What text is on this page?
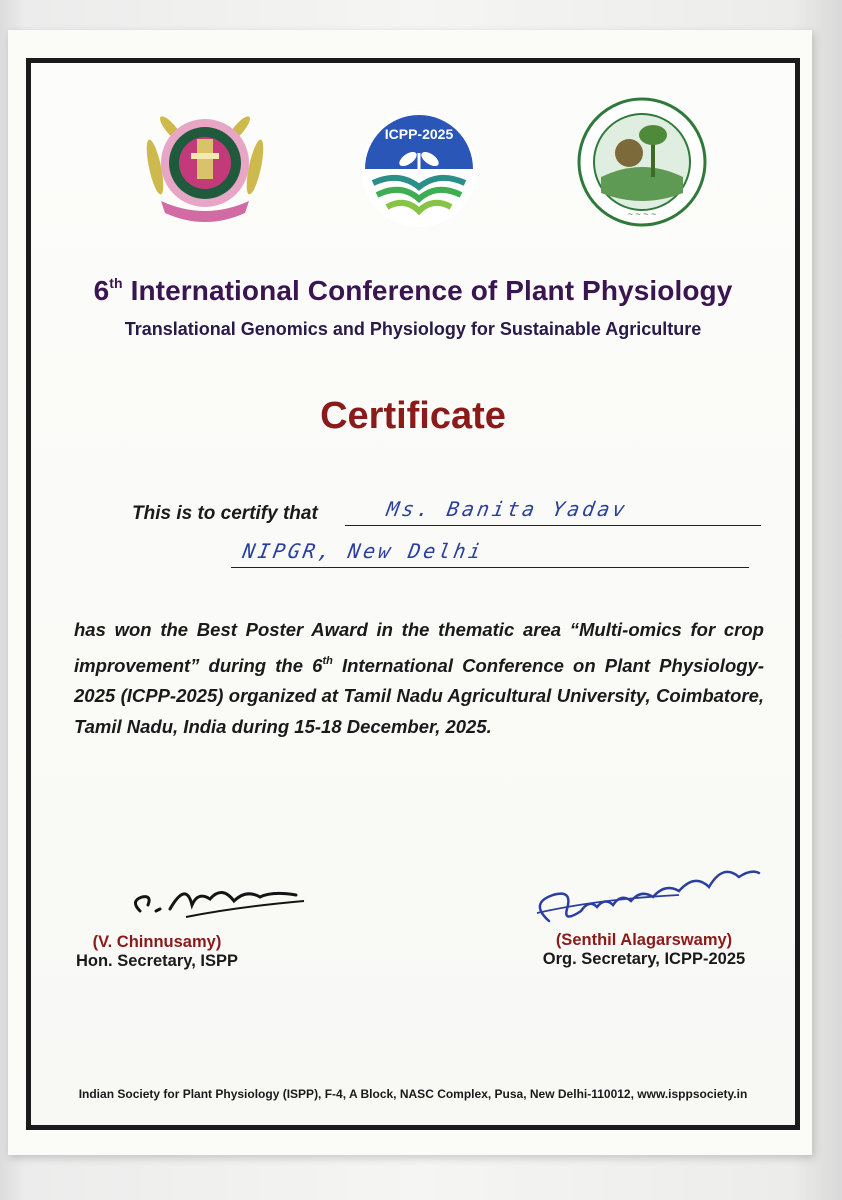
ICPP-2025
~ ~ ~ ~
6th International Conference of Plant Physiology
Translational Genomics and Physiology for Sustainable Agriculture
Certificate
This is to certify that	Ms. Banita Yadav
NIPGR, New Delhi
has won the Best Poster Award in the thematic area “Multi-omics for crop improvement” during the 6th International Conference on Plant Physiology-2025 (ICPP-2025) organized at Tamil Nadu Agricultural University, Coimbatore, Tamil Nadu, India during 15-18 December, 2025.
(V. Chinnusamy)
Hon. Secretary, ISPP
(Senthil Alagarswamy)
Org. Secretary, ICPP-2025
Indian Society for Plant Physiology (ISPP), F-4, A Block, NASC Complex, Pusa, New Delhi-110012, www.isppsociety.in
